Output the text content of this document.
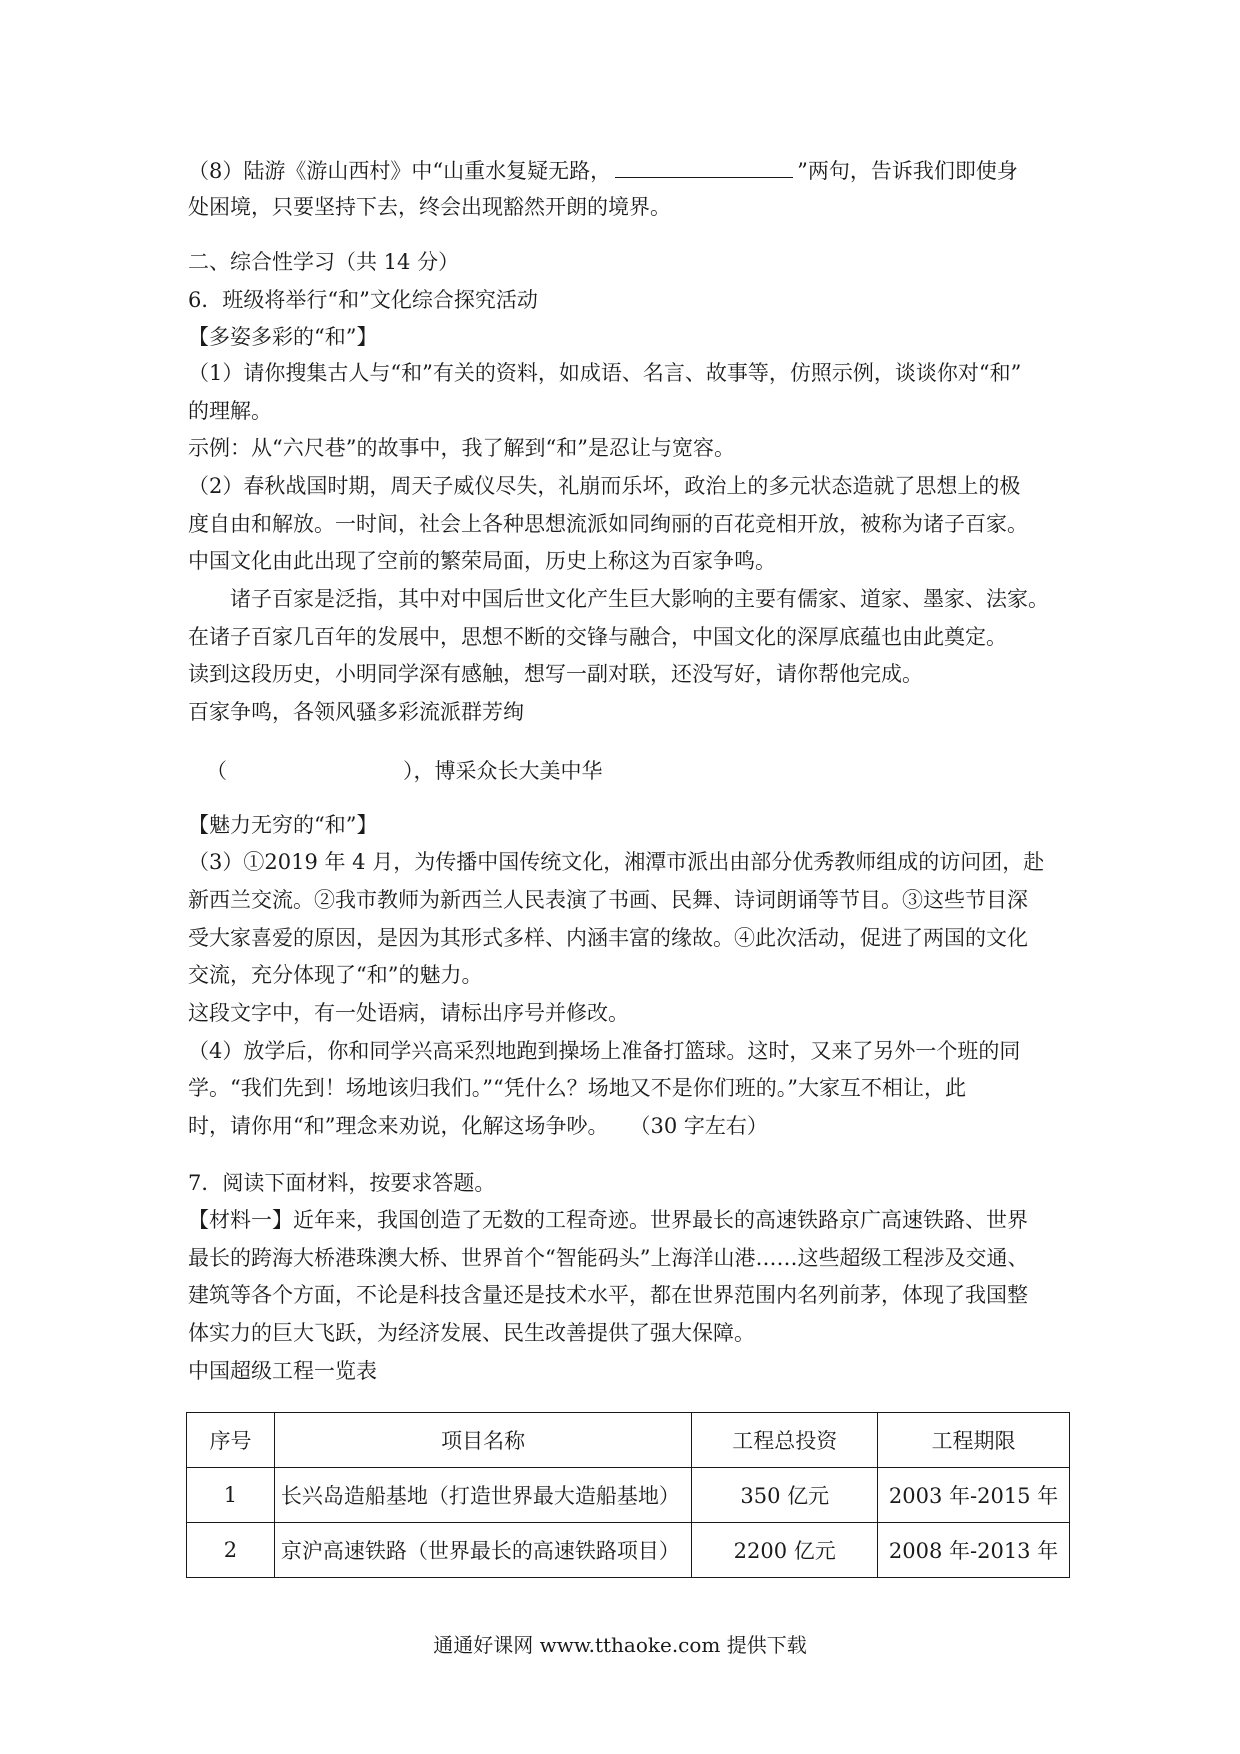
（8）陆游《游山西村》中“山重水复疑无路，	”两句，告诉我们即使身
处困境，只要坚持下去，终会出现豁然开朗的境界。
二、综合性学习（共 14 分）
6．班级将举行“和”文化综合探究活动
【多姿多彩的“和”】
（1）请你搜集古人与“和”有关的资料，如成语、名言、故事等，仿照示例，谈谈你对“和”
的理解。
示例：从“六尺巷”的故事中，我了解到“和”是忍让与宽容。
（2）春秋战国时期，周天子威仪尽失，礼崩而乐坏，政治上的多元状态造就了思想上的极
度自由和解放。一时间，社会上各种思想流派如同绚丽的百花竞相开放，被称为诸子百家。
中国文化由此出现了空前的繁荣局面，历史上称这为百家争鸣。
诸子百家是泛指，其中对中国后世文化产生巨大影响的主要有儒家、道家、墨家、法家。
在诸子百家几百年的发展中，思想不断的交锋与融合，中国文化的深厚底蕴也由此奠定。
读到这段历史，小明同学深有感触，想写一副对联，还没写好，请你帮他完成。
百家争鸣，各领风骚多彩流派群芳绚
（	），博采众长大美中华
【魅力无穷的“和”】
（3）①2019 年 4 月，为传播中国传统文化，湘潭市派出由部分优秀教师组成的访问团，赴
新西兰交流。②我市教师为新西兰人民表演了书画、民舞、诗词朗诵等节目。③这些节目深
受大家喜爱的原因，是因为其形式多样、内涵丰富的缘故。④此次活动，促进了两国的文化
交流，充分体现了“和”的魅力。
这段文字中，有一处语病，请标出序号并修改。
（4）放学后，你和同学兴高采烈地跑到操场上准备打篮球。这时，又来了另外一个班的同
学。“我们先到！场地该归我们。”“凭什么？场地又不是你们班的。”大家互不相让，此
时，请你用“和”理念来劝说，化解这场争吵。　　（30 字左右）
7．阅读下面材料，按要求答题。
【材料一】近年来，我国创造了无数的工程奇迹。世界最长的高速铁路京广高速铁路、世界
最长的跨海大桥港珠澳大桥、世界首个“智能码头”上海洋山港……这些超级工程涉及交通、
建筑等各个方面，不论是科技含量还是技术水平，都在世界范围内名列前茅，体现了我国整
体实力的巨大飞跃，为经济发展、民生改善提供了强大保障。
中国超级工程一览表
序号	项目名称	工程总投资	工程期限
1	长兴岛造船基地（打造世界最大造船基地）	350 亿元	2003 年-2015 年
2	京沪高速铁路（世界最长的高速铁路项目）	2200 亿元	2008 年-2013 年
通通好课网 www.tthaoke.com 提供下载
